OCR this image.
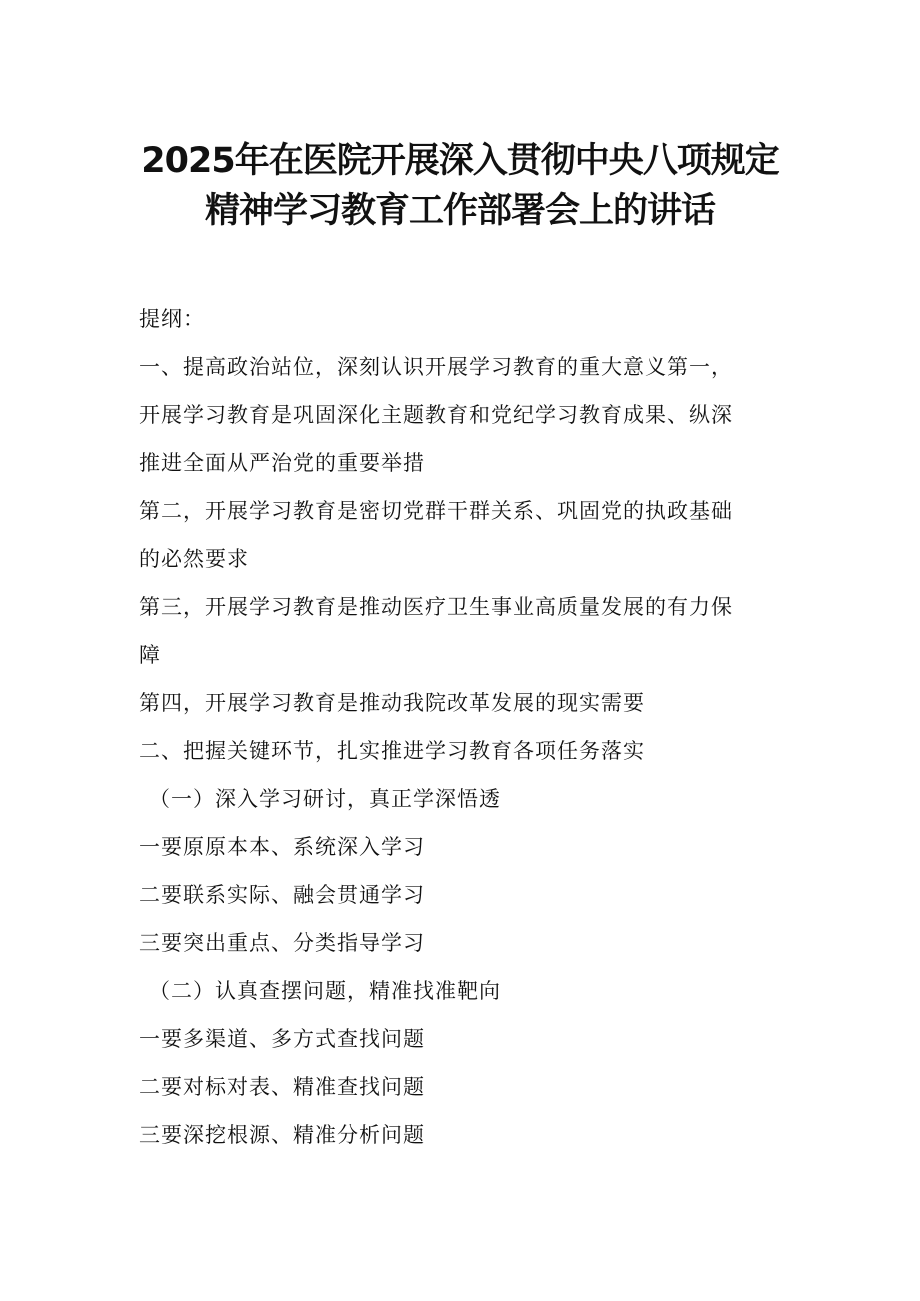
2025年在医院开展深入贯彻中央八项规定
精神学习教育工作部署会上的讲话
提纲：
一、提高政治站位，深刻认识开展学习教育的重大意义第一，
开展学习教育是巩固深化主题教育和党纪学习教育成果、纵深
推进全面从严治党的重要举措
第二，开展学习教育是密切党群干群关系、巩固党的执政基础
的必然要求
第三，开展学习教育是推动医疗卫生事业高质量发展的有力保
障
第四，开展学习教育是推动我院改革发展的现实需要
二、把握关键环节，扎实推进学习教育各项任务落实
（一）深入学习研讨，真正学深悟透
一要原原本本、系统深入学习
二要联系实际、融会贯通学习
三要突出重点、分类指导学习
（二）认真查摆问题，精准找准靶向
一要多渠道、多方式查找问题
二要对标对表、精准查找问题
三要深挖根源、精准分析问题
